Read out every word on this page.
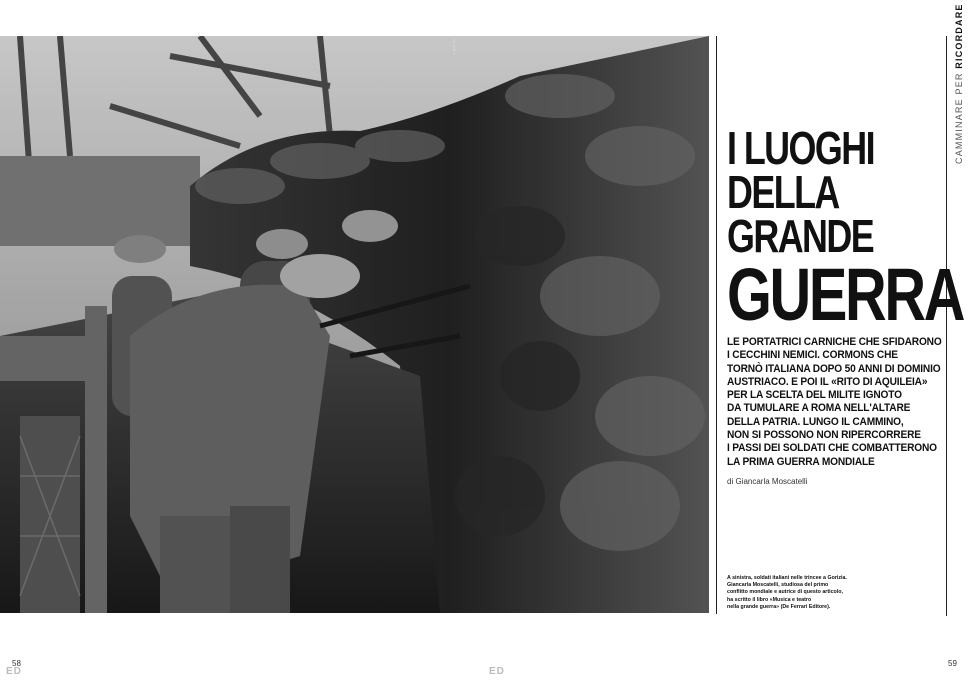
ALAMY
CAMMINARE PER RICORDARE
I LUOGHI
DELLA
GRANDE
GUERRA
LE PORTATRICI CARNICHE CHE SFIDARONO
I CECCHINI NEMICI. CORMONS CHE
TORNÒ ITALIANA DOPO 50 ANNI DI DOMINIO
AUSTRIACO. E POI IL «RITO DI AQUILEIA»
PER LA SCELTA DEL MILITE IGNOTO
DA TUMULARE A ROMA NELL'ALTARE
DELLA PATRIA. LUNGO IL CAMMINO,
NON SI POSSONO NON RIPERCORRERE
I PASSI DEI SOLDATI CHE COMBATTERONO
LA PRIMA GUERRA MONDIALE
di Giancarla Moscatelli
A sinistra, soldati italiani nelle trincee a Gorizia.
Giancarla Moscatelli, studiosa del primo
conflitto mondiale e autrice di questo articolo,
ha scritto il libro «Musica e teatro
nella grande guerra» (De Ferrari Editore).
58
ED	ED
59
